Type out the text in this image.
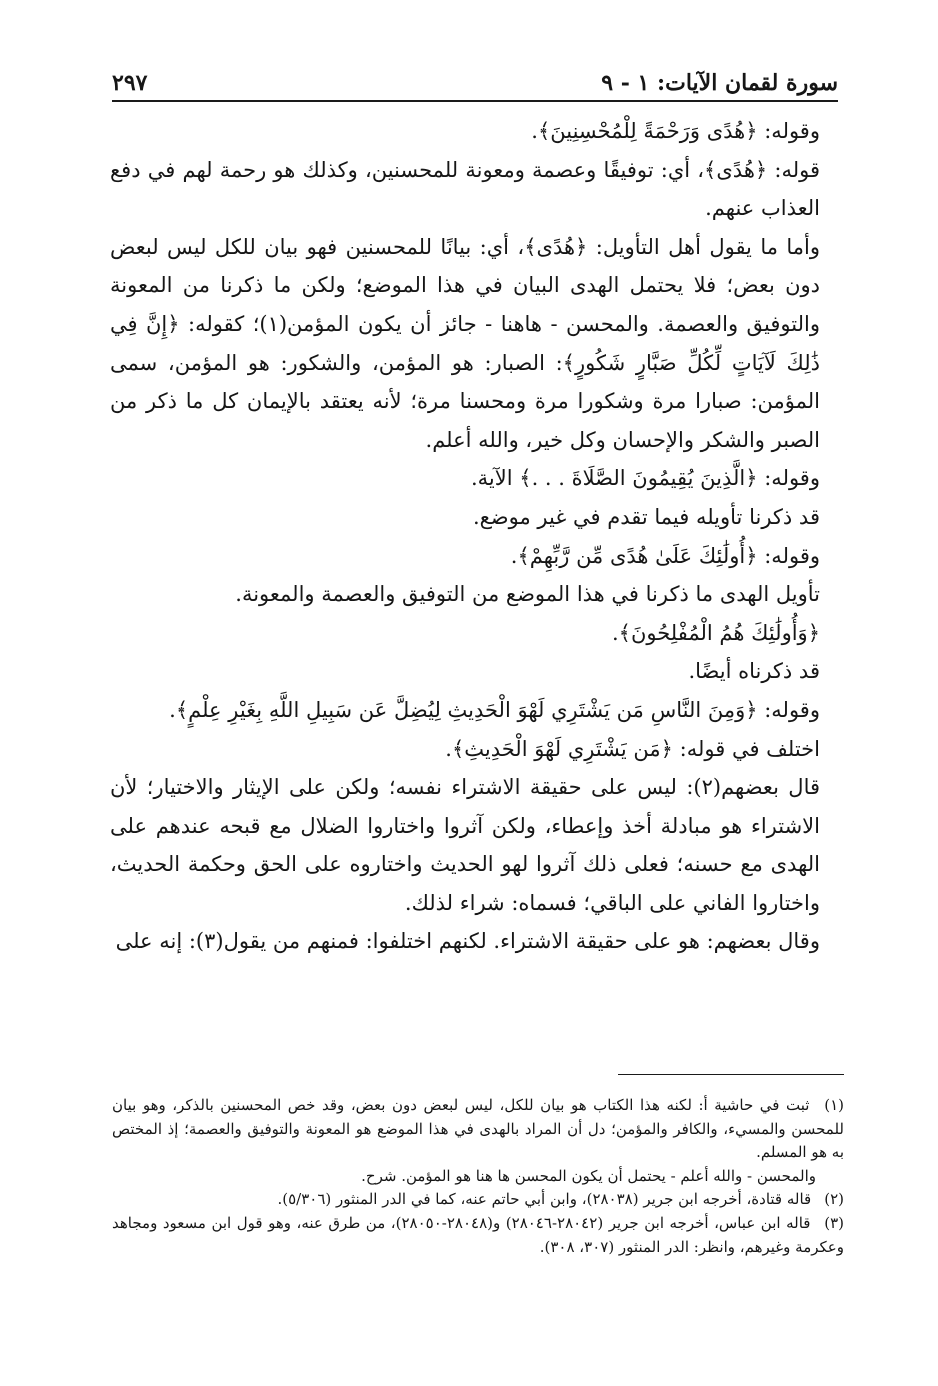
سورة لقمان الآيات: ١ - ٩
٢٩٧

وقوله: ﴿هُدًى وَرَحْمَةً لِلْمُحْسِنِينَ﴾.

قوله: ﴿هُدًى﴾، أي: توفيقًا وعصمة ومعونة للمحسنين، وكذلك هو رحمة لهم في دفع العذاب عنهم.

وأما ما يقول أهل التأويل: ﴿هُدًى﴾، أي: بيانًا للمحسنين فهو بيان للكل ليس لبعض دون بعض؛ فلا يحتمل الهدى البيان في هذا الموضع؛ ولكن ما ذكرنا من المعونة والتوفيق والعصمة. والمحسن - هاهنا - جائز أن يكون المؤمن(١)؛ كقوله: ﴿إِنَّ فِي ذَٰلِكَ لَآيَاتٍ لِّكُلِّ صَبَّارٍ شَكُورٍ﴾: الصبار: هو المؤمن، والشكور: هو المؤمن، سمى المؤمن: صبارا مرة وشكورا مرة ومحسنا مرة؛ لأنه يعتقد بالإيمان كل ما ذكر من الصبر والشكر والإحسان وكل خير، والله أعلم.

وقوله: ﴿الَّذِينَ يُقِيمُونَ الصَّلَاةَ . . .﴾ الآية.

قد ذكرنا تأويله فيما تقدم في غير موضع.

وقوله: ﴿أُولَٰئِكَ عَلَىٰ هُدًى مِّن رَّبِّهِمْ﴾.

تأويل الهدى ما ذكرنا في هذا الموضع من التوفيق والعصمة والمعونة.

﴿وَأُولَٰئِكَ هُمُ الْمُفْلِحُونَ﴾.

قد ذكرناه أيضًا.

وقوله: ﴿وَمِنَ النَّاسِ مَن يَشْتَرِي لَهْوَ الْحَدِيثِ لِيُضِلَّ عَن سَبِيلِ اللَّهِ بِغَيْرِ عِلْمٍ﴾.

اختلف في قوله: ﴿مَن يَشْتَرِي لَهْوَ الْحَدِيثِ﴾.

قال بعضهم(٢): ليس على حقيقة الاشتراء نفسه؛ ولكن على الإيثار والاختيار؛ لأن الاشتراء هو مبادلة أخذ وإعطاء، ولكن آثروا واختاروا الضلال مع قبحه عندهم على الهدى مع حسنه؛ فعلى ذلك آثروا لهو الحديث واختاروه على الحق وحكمة الحديث، واختاروا الفاني على الباقي؛ فسماه: شراء لذلك.

وقال بعضهم: هو على حقيقة الاشتراء. لكنهم اختلفوا: فمنهم من يقول(٣): إنه على

(١) ثبت في حاشية أ: لكنه هذا الكتاب هو بيان للكل، ليس لبعض دون بعض، وقد خص المحسنين بالذكر، وهو بيان للمحسن والمسيء، والكافر والمؤمن؛ دل أن المراد بالهدى في هذا الموضع هو المعونة والتوفيق والعصمة؛ إذ المختص به هو المسلم.

والمحسن - والله أعلم - يحتمل أن يكون المحسن ها هنا هو المؤمن. شرح.

(٢) قاله قتادة، أخرجه ابن جرير (٢٨٠٣٨)، وابن أبي حاتم عنه، كما في الدر المنثور (٥/٣٠٦).

(٣) قاله ابن عباس، أخرجه ابن جرير (٢٨٠٤٢-٢٨٠٤٦) و(٢٨٠٤٨-٢٨٠٥٠)، من طرق عنه، وهو قول ابن مسعود ومجاهد وعكرمة وغيرهم، وانظر: الدر المنثور (٣٠٧، ٣٠٨).
